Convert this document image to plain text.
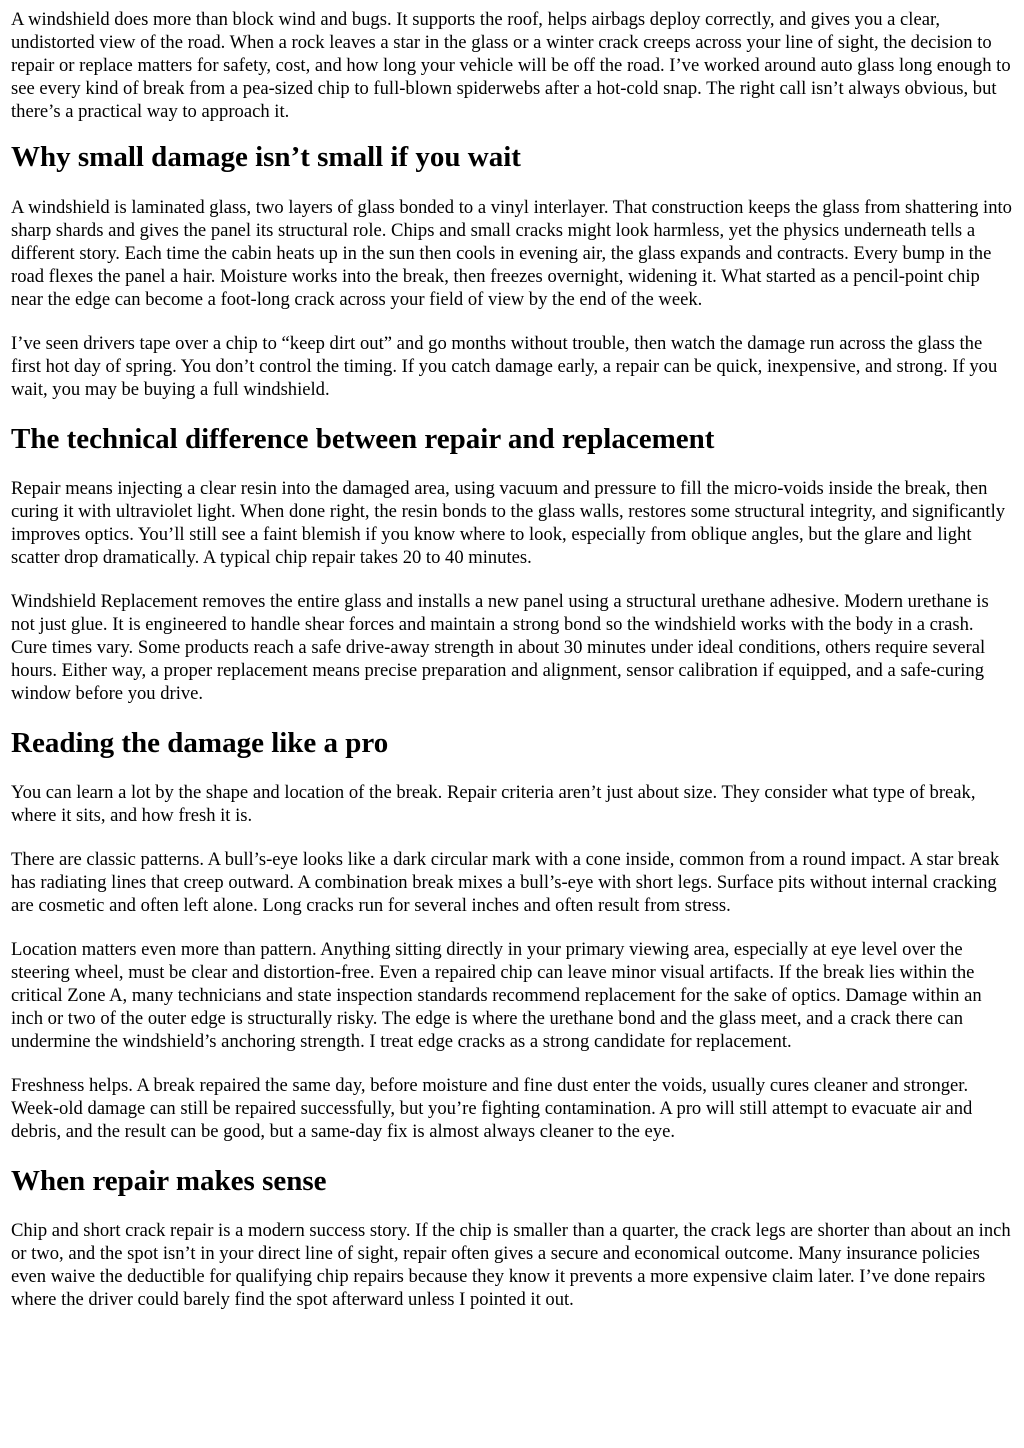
A windshield does more than block wind and bugs. It supports the roof, helps airbags deploy correctly, and gives you a clear, undistorted view of the road. When a rock leaves a star in the glass or a winter crack creeps across your line of sight, the decision to repair or replace matters for safety, cost, and how long your vehicle will be off the road. I’ve worked around auto glass long enough to see every kind of break from a pea-sized chip to full-blown spiderwebs after a hot-cold snap. The right call isn’t always obvious, but there’s a practical way to approach it.

Why small damage isn’t small if you wait

A windshield is laminated glass, two layers of glass bonded to a vinyl interlayer. That construction keeps the glass from shattering into sharp shards and gives the panel its structural role. Chips and small cracks might look harmless, yet the physics underneath tells a different story. Each time the cabin heats up in the sun then cools in evening air, the glass expands and contracts. Every bump in the road flexes the panel a hair. Moisture works into the break, then freezes overnight, widening it. What started as a pencil-point chip near the edge can become a foot-long crack across your field of view by the end of the week.

I’ve seen drivers tape over a chip to “keep dirt out” and go months without trouble, then watch the damage run across the glass the first hot day of spring. You don’t control the timing. If you catch damage early, a repair can be quick, inexpensive, and strong. If you wait, you may be buying a full windshield.

The technical difference between repair and replacement

Repair means injecting a clear resin into the damaged area, using vacuum and pressure to fill the micro-voids inside the break, then curing it with ultraviolet light. When done right, the resin bonds to the glass walls, restores some structural integrity, and significantly improves optics. You’ll still see a faint blemish if you know where to look, especially from oblique angles, but the glare and light scatter drop dramatically. A typical chip repair takes 20 to 40 minutes.

Windshield Replacement removes the entire glass and installs a new panel using a structural urethane adhesive. Modern urethane is not just glue. It is engineered to handle shear forces and maintain a strong bond so the windshield works with the body in a crash. Cure times vary. Some products reach a safe drive-away strength in about 30 minutes under ideal conditions, others require several hours. Either way, a proper replacement means precise preparation and alignment, sensor calibration if equipped, and a safe-curing window before you drive.

Reading the damage like a pro

You can learn a lot by the shape and location of the break. Repair criteria aren’t just about size. They consider what type of break, where it sits, and how fresh it is.

There are classic patterns. A bull’s-eye looks like a dark circular mark with a cone inside, common from a round impact. A star break has radiating lines that creep outward. A combination break mixes a bull’s-eye with short legs. Surface pits without internal cracking are cosmetic and often left alone. Long cracks run for several inches and often result from stress.

Location matters even more than pattern. Anything sitting directly in your primary viewing area, especially at eye level over the steering wheel, must be clear and distortion-free. Even a repaired chip can leave minor visual artifacts. If the break lies within the critical Zone A, many technicians and state inspection standards recommend replacement for the sake of optics. Damage within an inch or two of the outer edge is structurally risky. The edge is where the urethane bond and the glass meet, and a crack there can undermine the windshield’s anchoring strength. I treat edge cracks as a strong candidate for replacement.

Freshness helps. A break repaired the same day, before moisture and fine dust enter the voids, usually cures cleaner and stronger. Week-old damage can still be repaired successfully, but you’re fighting contamination. A pro will still attempt to evacuate air and debris, and the result can be good, but a same-day fix is almost always cleaner to the eye.

When repair makes sense

Chip and short crack repair is a modern success story. If the chip is smaller than a quarter, the crack legs are shorter than about an inch or two, and the spot isn’t in your direct line of sight, repair often gives a secure and economical outcome. Many insurance policies even waive the deductible for qualifying chip repairs because they know it prevents a more expensive claim later. I’ve done repairs where the driver could barely find the spot afterward unless I pointed it out.
